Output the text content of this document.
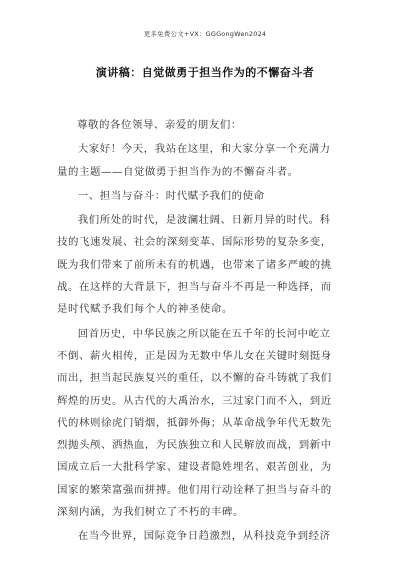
更多免费公文+VX：GGGongWen2024
演讲稿：自觉做勇于担当作为的不懈奋斗者

尊敬的各位领导、亲爱的朋友们：

大家好！今天，我站在这里，和大家分享一个充满力
量的主题——自觉做勇于担当作为的不懈奋斗者。

一、担当与奋斗：时代赋予我们的使命

我们所处的时代，是波澜壮阔、日新月异的时代。科
技的飞速发展、社会的深刻变革、国际形势的复杂多变，
既为我们带来了前所未有的机遇，也带来了诸多严峻的挑
战。在这样的大背景下，担当与奋斗不再是一种选择，而
是时代赋予我们每个人的神圣使命。

回首历史，中华民族之所以能在五千年的长河中屹立
不倒、薪火相传，正是因为无数中华儿女在关键时刻挺身
而出，担当起民族复兴的重任，以不懈的奋斗铸就了我们
辉煌的历史。从古代的大禹治水，三过家门而不入，到近
代的林则徐虎门销烟，抵御外侮；从革命战争年代无数先
烈抛头颅、洒热血，为民族独立和人民解放而战，到新中
国成立后一大批科学家、建设者隐姓埋名、艰苦创业，为
国家的繁荣富强而拼搏。他们用行动诠释了担当与奋斗的
深刻内涵，为我们树立了不朽的丰碑。

在当今世界，国际竞争日趋激烈，从科技竞争到经济
